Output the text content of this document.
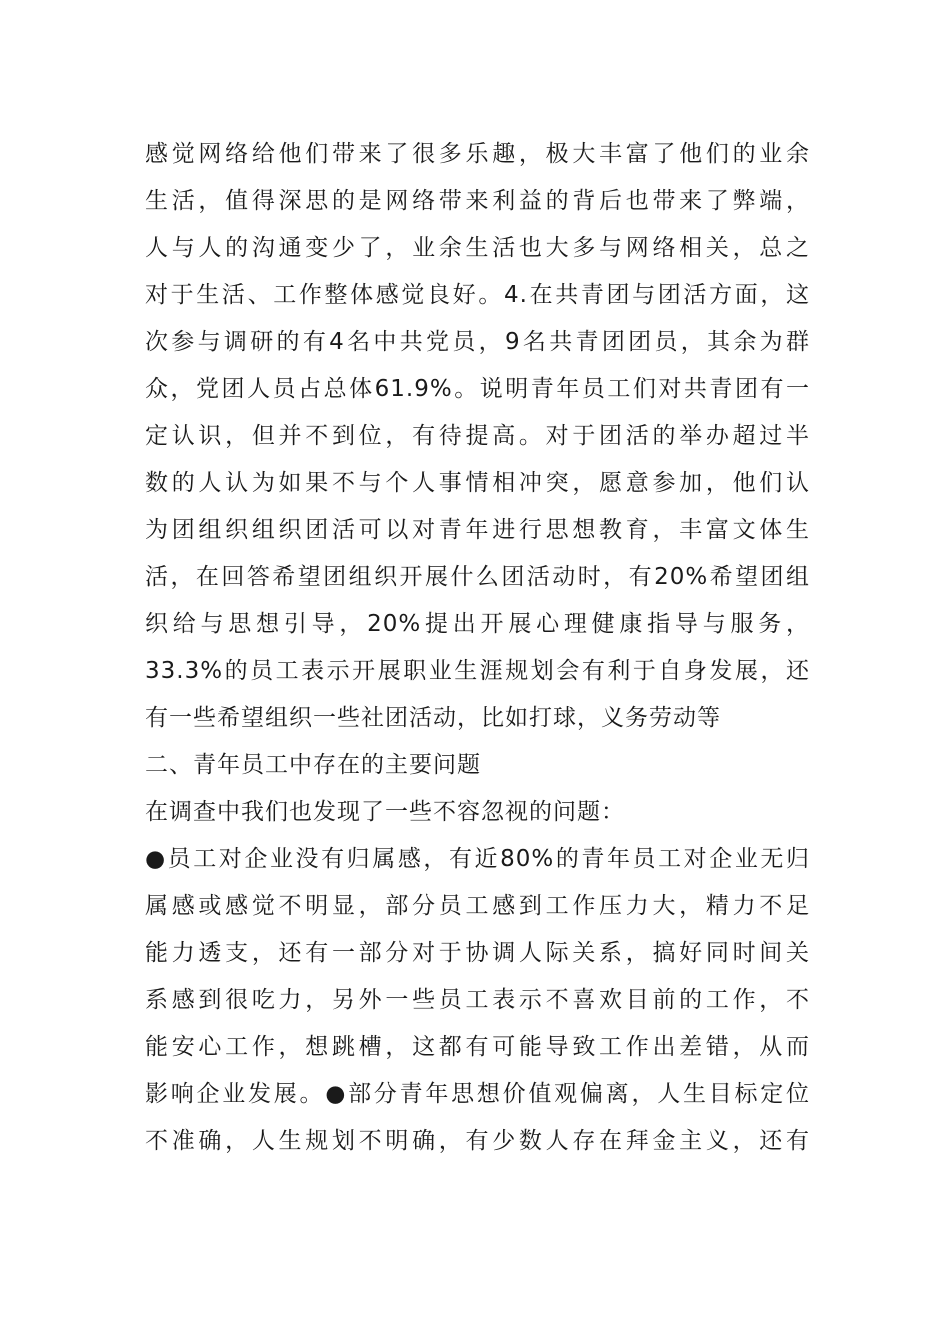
感觉网络给他们带来了很多乐趣，极大丰富了他们的业余
生活，值得深思的是网络带来利益的背后也带来了弊端，
人与人的沟通变少了，业余生活也大多与网络相关，总之
对于生活、工作整体感觉良好。4.在共青团与团活方面，这
次参与调研的有4名中共党员，9名共青团团员，其余为群
众，党团人员占总体61.9%。说明青年员工们对共青团有一
定认识，但并不到位，有待提高。对于团活的举办超过半
数的人认为如果不与个人事情相冲突，愿意参加，他们认
为团组织组织团活可以对青年进行思想教育，丰富文体生
活，在回答希望团组织开展什么团活动时，有20%希望团组
织给与思想引导，20%提出开展心理健康指导与服务，
33.3%的员工表示开展职业生涯规划会有利于自身发展，还
有一些希望组织一些社团活动，比如打球，义务劳动等
二、青年员工中存在的主要问题
在调查中我们也发现了一些不容忽视的问题：
●员工对企业没有归属感，有近80%的青年员工对企业无归
属感或感觉不明显，部分员工感到工作压力大，精力不足
能力透支，还有一部分对于协调人际关系，搞好同时间关
系感到很吃力，另外一些员工表示不喜欢目前的工作，不
能安心工作，想跳槽，这都有可能导致工作出差错，从而
影响企业发展。●部分青年思想价值观偏离，人生目标定位
不准确，人生规划不明确，有少数人存在拜金主义，还有
